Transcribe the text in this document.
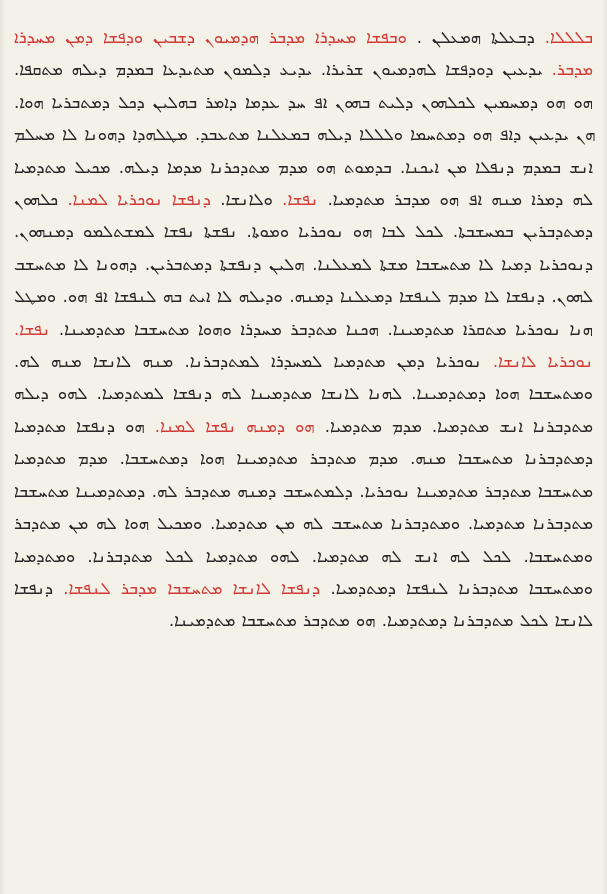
ܒܠܠܠܐ. ܕܒܥܠܬܐ ܗܡܥܠܢ . ܘܒܦܫܐ ܡܚܕܪܐ ܡܕܒܪ ܗܕܡܝܘܢ ܕܫܒܝܢ ܘܕܦܫܐ ܕܡܢ ܡܚܕܪܐ ܡܕܒܪ. ܝܕܥܝܢ ܕܘܕܦܫܐ ܠܗܕܡܝܘܢ ܫܪܝܪܐ. ܝܕܝܥ ܕܠܡܘܢ ܡܬܝܕܥܐ ܒܡܕܡ ܕܝܠܗ ܡܬܩܦܐ. ܗܘ ܗܘ ܕܡܚܡܝܢ ܠܟܠܗܘܢ ܕܠܝܬ ܒܗܘܢ ܐܦ ܚܕ ܥܕܡܐ ܕܐܡܪ ܒܗܠܝܢ ܕܟܠ ܕܡܬܒܪܝܐ ܗܘܐ. ܗܢ ܝܕܥܝܢ ܕܐܦ ܗܘ ܕܡܬܚܡܐ ܘܠܠܠܐ ܕܝܠܗ ܒܡܥܠܢܐ ܡܬܥܒܕ. ܡܛܠܗܕܐ ܕܗܘܢܐ ܠܐ ܡܚܠܡ ܐܢܫ ܒܡܕܡ ܕܢܦܠܐ ܡܢ ܐܝܟܢܐ. ܒܕܡܘܬ ܗܘ ܡܕܡ ܡܬܕܟܪܢܐ ܡܕܡܐ ܕܝܠܗ. ܡܟܝܠ ܡܬܕܡܝܐ ܠܗ ܕܡܪܐ ܡܢܗ ܐܦ ܗܘ ܡܕܒܪ ܡܬܕܡܝܐ. ܢܦܫܐ. ܘܠܐܢܫܐ. ܕܢܦܫܐ ܢܘܟܪܝܐ ܠܡܢܐ. ܟܠܗܘܢ ܕܡܬܕܒܪܝܢ ܒܡܚܫܒܬܐ. ܠܟܠ ܠܒܐ ܗܘ ܢܘܟܪܝܐ ܘܡܘܬܐ. ܢܦܫܬܐ ܢܦܫܐ ܠܡܫܬܠܡܘ ܕܡܢܗܘܢ. ܕܢܘܟܪܝܐ ܕܡܝܐ ܠܐ ܡܬܚܫܒܐ ܡܫܬܐ ܠܡܥܠܢܐ. ܗܠܝܢ ܕܢܦܫܬܐ ܕܡܬܒܪܝܢ. ܕܗܘܢܐ ܠܐ ܡܬܚܫܒ ܠܗܘܢ. ܕܢܦܫܐ ܠܐ ܡܕܡ ܠܢܦܫܐ ܕܡܥܠܢܐ ܕܡܢܗ. ܘܕܝܠܗ ܠܐ ܐܝܬ ܒܗ ܠܢܦܫܐ ܐܦ ܗܘ. ܘܡܛܠ ܗܢܐ ܢܘܟܪܝܐ ܡܬܩܪܐ ܡܬܕܡܝܢܐ. ܗܟܢܐ ܡܬܕܒܪ ܡܚܕܪܐ ܘܗܘܐ ܡܬܚܫܒܐ ܡܬܕܡܝܢܐ. ܢܦܫܐ. ܢܘܟܪܝܐ ܠܐܢܫܐ. ܢܘܟܪܝܐ ܕܡܢ ܡܬܕܡܝܐ ܠܡܚܕܪܐ ܠܡܬܕܒܪܢܐ. ܡܢܗ ܠܐܢܫܐ ܡܢܗ ܠܗ. ܘܡܬܚܫܒܐ ܗܘܐ ܕܡܬܕܡܝܢܐ. ܠܗܢܐ ܠܐܢܫܐ ܡܬܕܡܝܢܐ ܠܗ ܕܢܦܫܐ ܠܡܬܕܡܝܐ. ܠܗܘ ܕܝܠܗ ܡܬܕܒܪܢܐ ܐܢܫ ܡܬܕܡܝܐ. ܡܕܡ ܡܬܕܡܝܐ. ܗܘ ܕܡܢܗ ܢܦܫܐ ܠܡܢܐ. ܗܘ ܕܢܦܫܐ ܡܬܕܡܝܐ ܕܡܬܕܒܪܢܐ ܡܬܚܫܒܐ ܡܢܗ. ܡܕܡ ܡܬܕܒܪ ܡܬܕܡܝܢܐ ܗܘܐ ܕܡܬܚܫܒܐ. ܡܕܡ ܡܬܕܡܝܐ ܡܬܚܫܒܐ ܡܬܕܒܪ ܡܬܕܡܝܢܐ ܢܘܟܪܝܐ. ܕܠܡܬܚܫܒ ܕܡܢܗ ܡܬܕܒܪ ܠܗ. ܕܡܬܕܡܝܢܐ ܡܬܚܫܒܐ ܡܬܕܒܪܢܐ ܡܬܕܡܝܐ. ܘܡܬܕܒܪܢܐ ܡܬܚܫܒ ܠܗ ܡܢ ܡܬܕܡܝܐ. ܘܡܟܝܠ ܗܘܐ ܠܗ ܡܢ ܡܬܕܒܪ ܘܡܬܚܫܒܐ. ܠܟܠ ܠܗ ܐܢܫ ܠܗ ܡܬܕܡܝܐ. ܠܗܘ ܡܬܕܡܝܐ ܠܟܠ ܡܬܕܒܪܢܐ. ܘܡܬܕܡܝܐ ܘܡܬܚܫܒܐ ܡܬܕܒܪܢܐ ܠܢܦܫܐ ܕܡܬܕܡܝܐ. ܕܢܦܫܐ ܠܐܢܫܐ ܡܬܚܫܒܐ ܡܕܒܪ ܠܢܦܫܐ. ܕܢܦܫܐ ܠܐܢܫܐ ܠܟܠ ܡܬܕܒܪܢܐ ܕܡܬܕܡܝܐ. ܗܘ ܡܬܕܒܪ ܡܬܚܫܒܐ ܡܬܕܡܝܢܐ.
